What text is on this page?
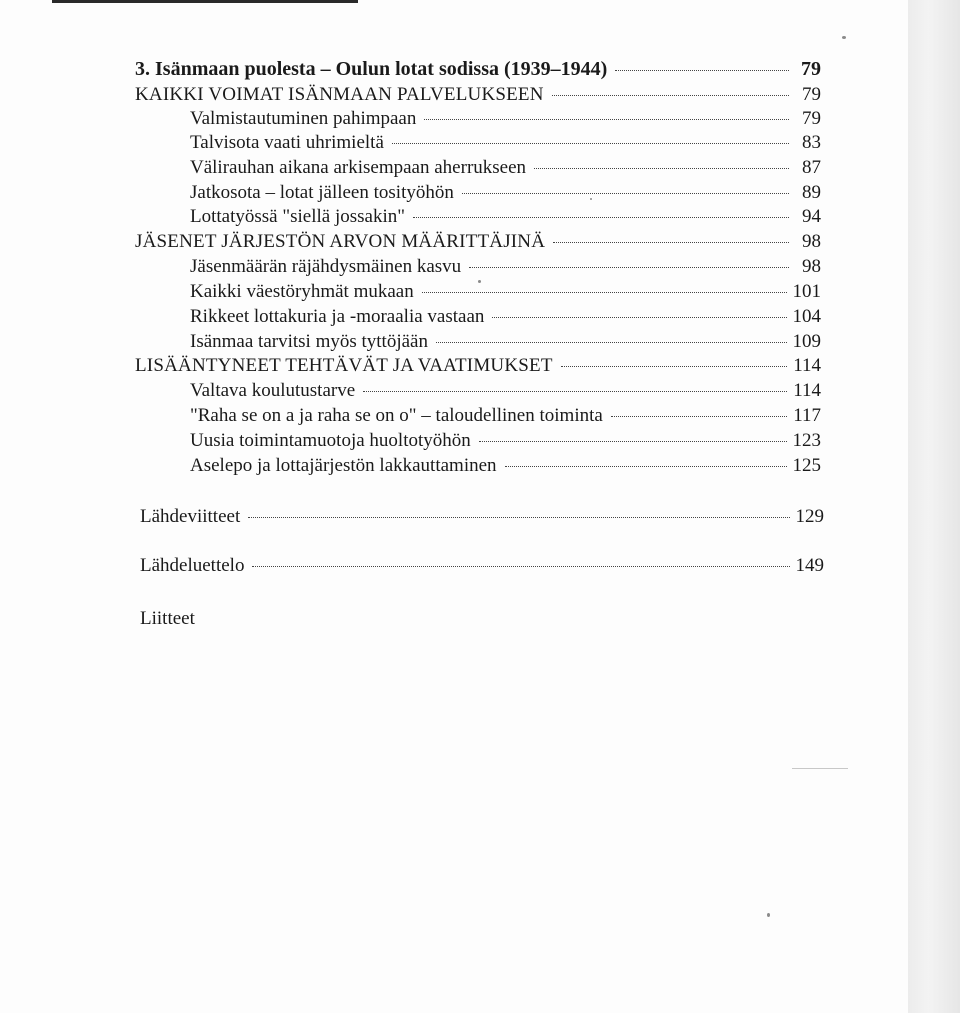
3. Isänmaan puolesta – Oulun lotat sodissa (1939–1944)	79
KAIKKI VOIMAT ISÄNMAAN PALVELUKSEEN	79
Valmistautuminen pahimpaan	79
Talvisota vaati uhrimieltä	83
Välirauhan aikana arkisempaan aherrukseen	87
Jatkosota – lotat jälleen tosityöhön	89
Lottatyössä "siellä jossakin"	94
JÄSENET JÄRJESTÖN ARVON MÄÄRITTÄJINÄ	98
Jäsenmäärän räjähdysmäinen kasvu	98
Kaikki väestöryhmät mukaan	101
Rikkeet lottakuria ja -moraalia vastaan	104
Isänmaa tarvitsi myös tyttöjään	109
LISÄÄNTYNEET TEHTÄVÄT JA VAATIMUKSET	114
Valtava koulutustarve	114
"Raha se on a ja raha se on o" – taloudellinen toiminta	117
Uusia toimintamuotoja huoltotyöhön	123
Aselepo ja lottajärjestön lakkauttaminen	125
Lähdeviitteet	129
Lähdeluettelo	149
Liitteet
